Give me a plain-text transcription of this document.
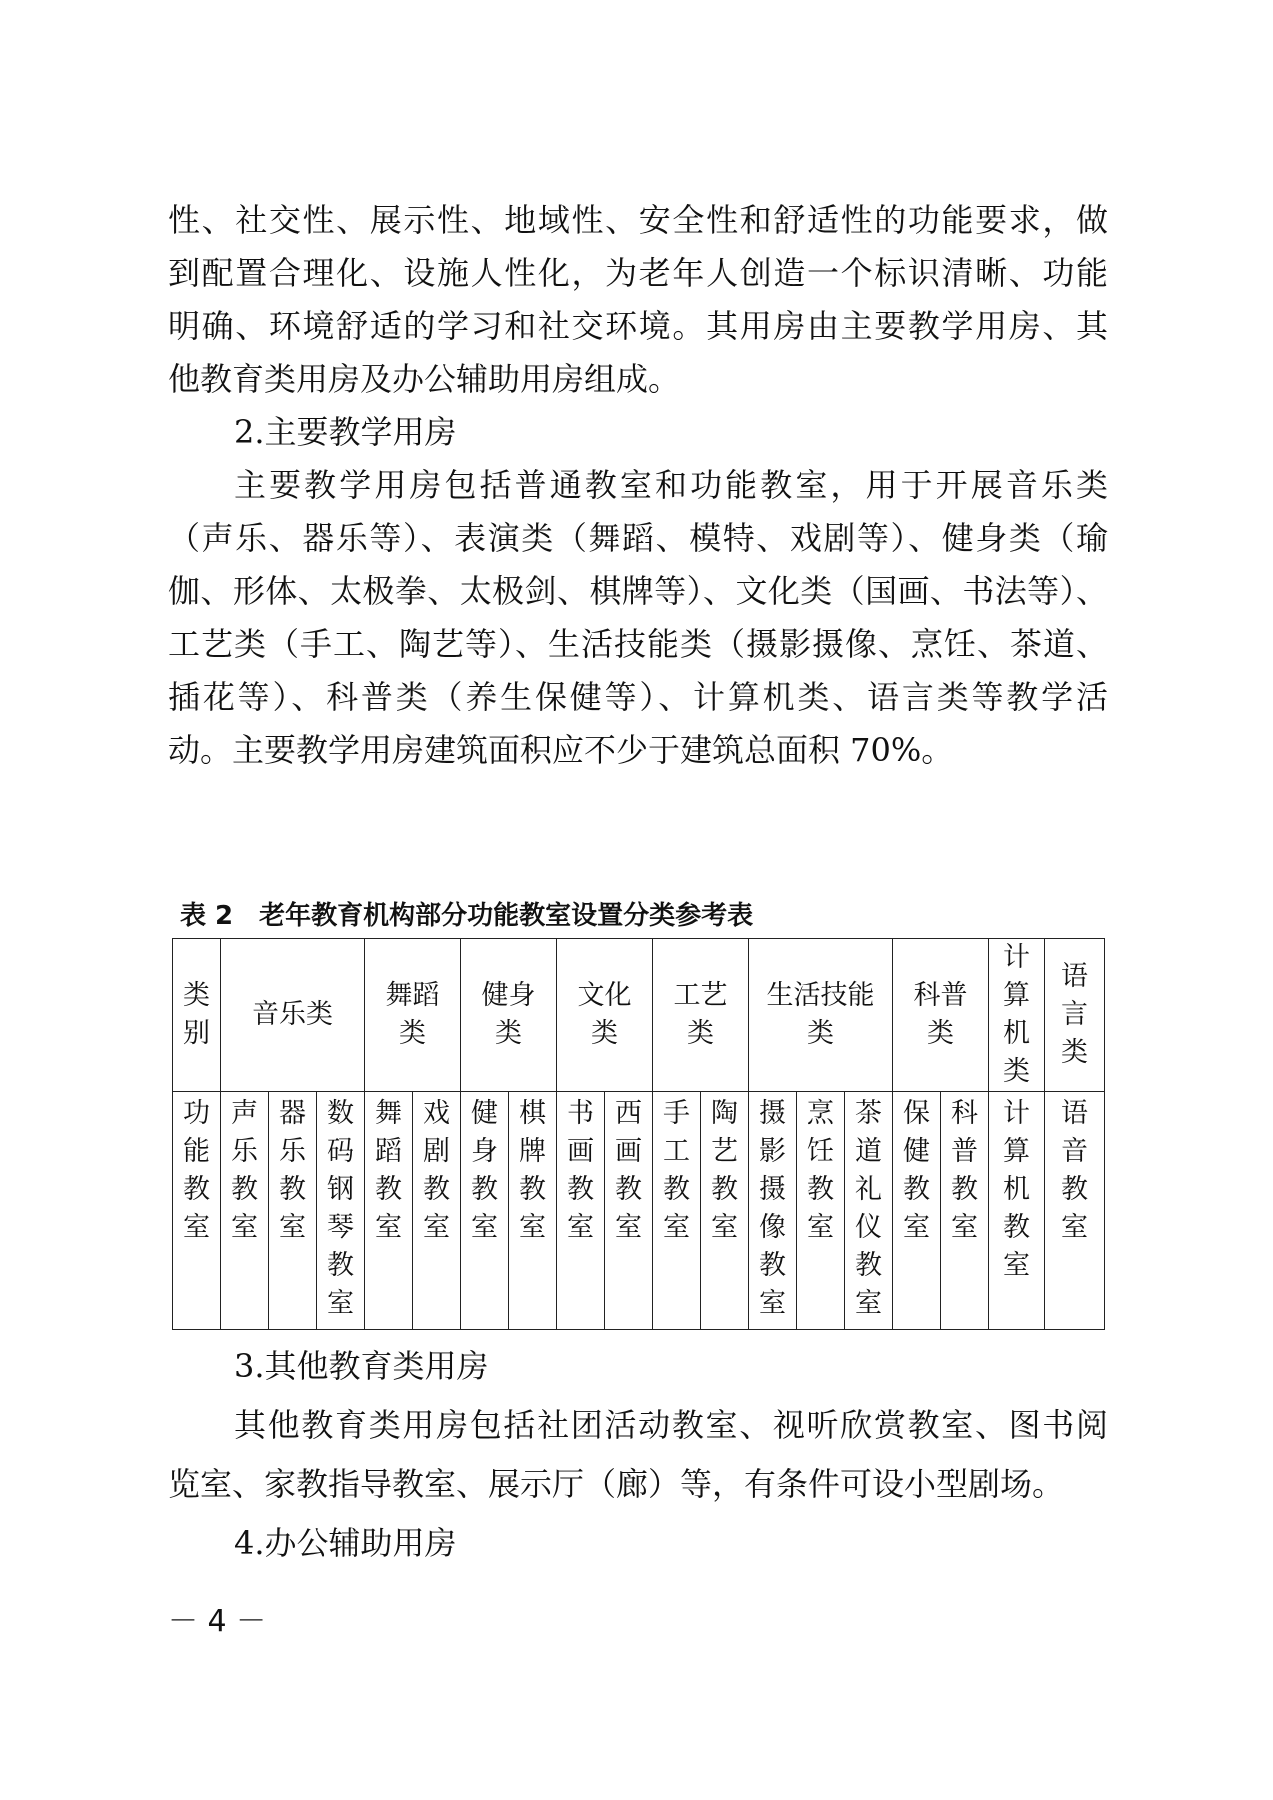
性、社交性、展示性、地域性、安全性和舒适性的功能要求，做
到配置合理化、设施人性化，为老年人创造一个标识清晰、功能
明确、环境舒适的学习和社交环境。其用房由主要教学用房、其
他教育类用房及办公辅助用房组成。
2.主要教学用房
主要教学用房包括普通教室和功能教室，用于开展音乐类
（声乐、器乐等）、表演类（舞蹈、模特、戏剧等）、健身类（瑜
伽、形体、太极拳、太极剑、棋牌等）、文化类（国画、书法等）、
工艺类（手工、陶艺等）、生活技能类（摄影摄像、烹饪、茶道、
插花等）、科普类（养生保健等）、计算机类、语言类等教学活
动。主要教学用房建筑面积应不少于建筑总面积 70%。
表 2 老年教育机构部分功能教室设置分类参考表
类别	音乐类			舞蹈类		健身类		文化类		工艺类		生活技能类			科普类		计算机类	语言类
功能教室	声乐教室	器乐教室	数码钢琴教室	舞蹈教室	戏剧教室	健身教室	棋牌教室	书画教室	西画教室	手工教室	陶艺教室	摄影摄像教室	烹饪教室	茶道礼仪教室	保健教室	科普教室	计算机教室	语音教室
3.其他教育类用房
其他教育类用房包括社团活动教室、视听欣赏教室、图书阅
览室、家教指导教室、展示厅（廊）等，有条件可设小型剧场。
4.办公辅助用房
－ 4 －
